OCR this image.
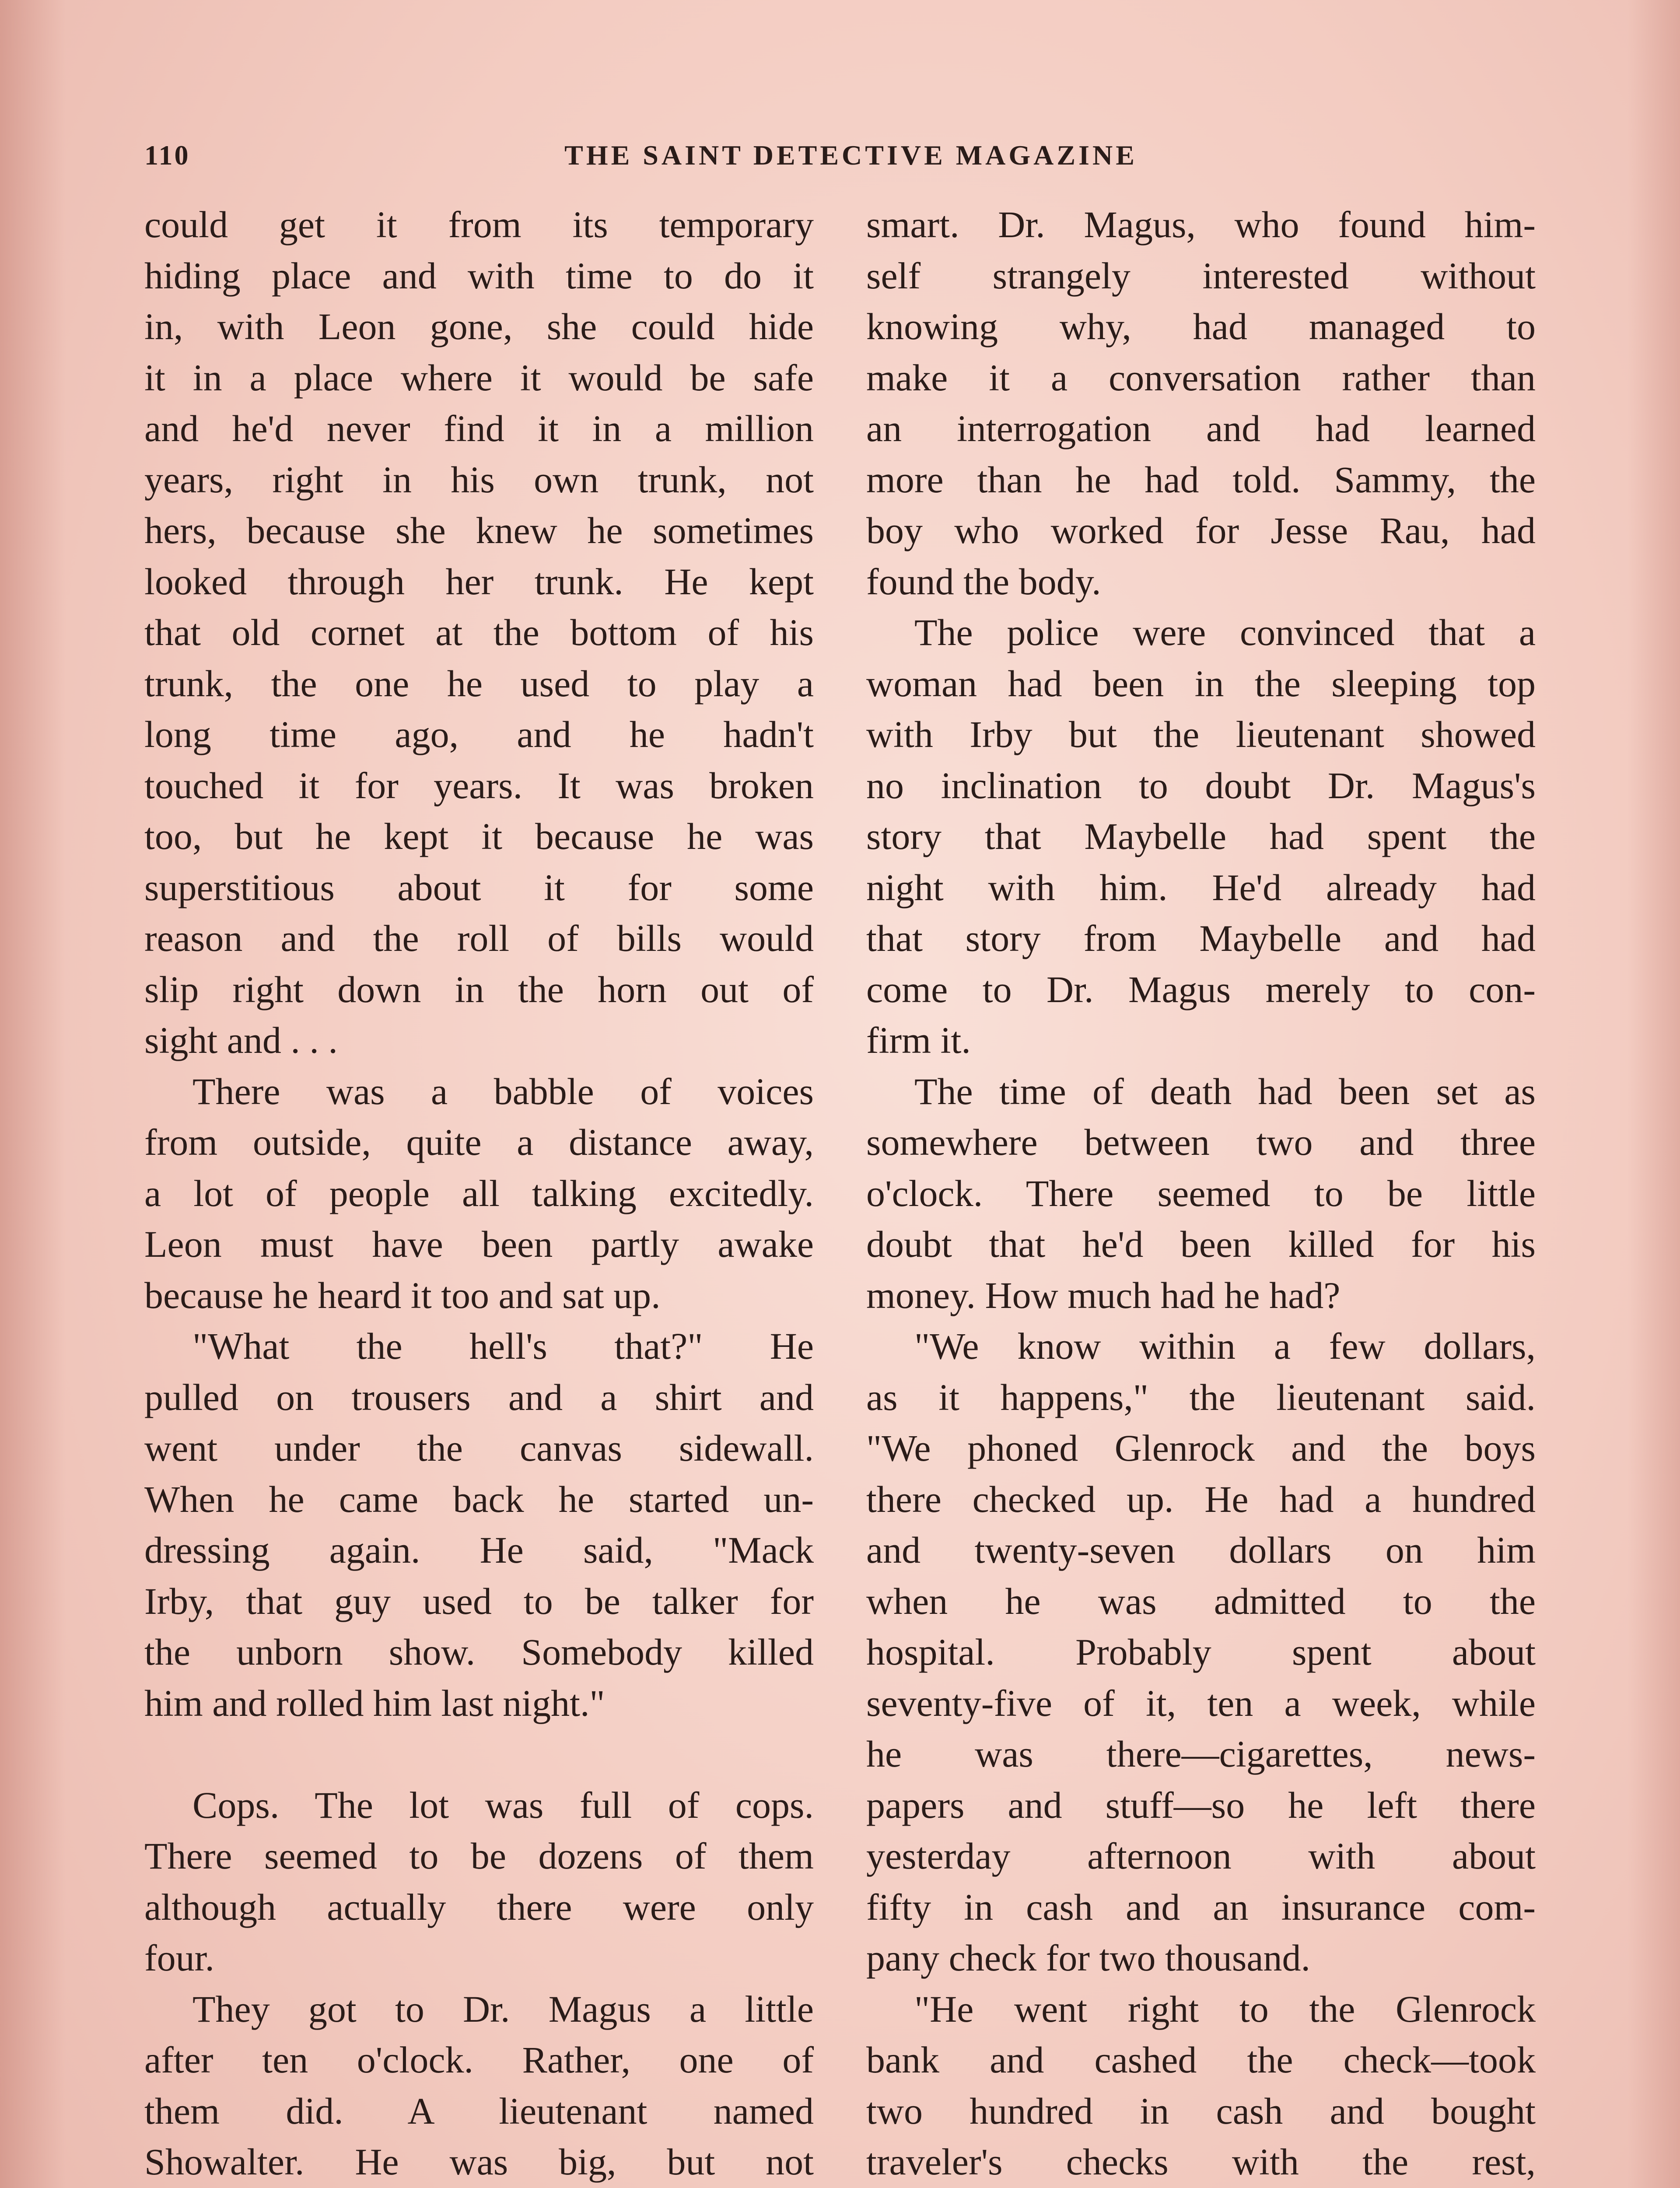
110	THE SAINT DETECTIVE MAGAZINE
could get it from its temporary
hiding place and with time to do it
in, with Leon gone, she could hide
it in a place where it would be safe
and he'd never find it in a million
years, right in his own trunk, not
hers, because she knew he sometimes
looked through her trunk. He kept
that old cornet at the bottom of his
trunk, the one he used to play a
long time ago, and he hadn't
touched it for years. It was broken
too, but he kept it because he was
superstitious about it for some
reason and the roll of bills would
slip right down in the horn out of
sight and . . .
There was a babble of voices
from outside, quite a distance away,
a lot of people all talking excitedly.
Leon must have been partly awake
because he heard it too and sat up.
"What the hell's that?" He
pulled on trousers and a shirt and
went under the canvas sidewall.
When he came back he started un-
dressing again. He said, "Mack
Irby, that guy used to be talker for
the unborn show. Somebody killed
him and rolled him last night."
Cops. The lot was full of cops.
There seemed to be dozens of them
although actually there were only
four.
They got to Dr. Magus a little
after ten o'clock. Rather, one of
them did. A lieutenant named
Showalter. He was big, but not
smart. Dr. Magus, who found him-
self strangely interested without
knowing why, had managed to
make it a conversation rather than
an interrogation and had learned
more than he had told. Sammy, the
boy who worked for Jesse Rau, had
found the body.
The police were convinced that a
woman had been in the sleeping top
with Irby but the lieutenant showed
no inclination to doubt Dr. Magus's
story that Maybelle had spent the
night with him. He'd already had
that story from Maybelle and had
come to Dr. Magus merely to con-
firm it.
The time of death had been set as
somewhere between two and three
o'clock. There seemed to be little
doubt that he'd been killed for his
money. How much had he had?
"We know within a few dollars,
as it happens," the lieutenant said.
"We phoned Glenrock and the boys
there checked up. He had a hundred
and twenty-seven dollars on him
when he was admitted to the
hospital. Probably spent about
seventy-five of it, ten a week, while
he was there—cigarettes, news-
papers and stuff—so he left there
yesterday afternoon with about
fifty in cash and an insurance com-
pany check for two thousand.
"He went right to the Glenrock
bank and cashed the check—took
two hundred in cash and bought
traveler's checks with the rest,
